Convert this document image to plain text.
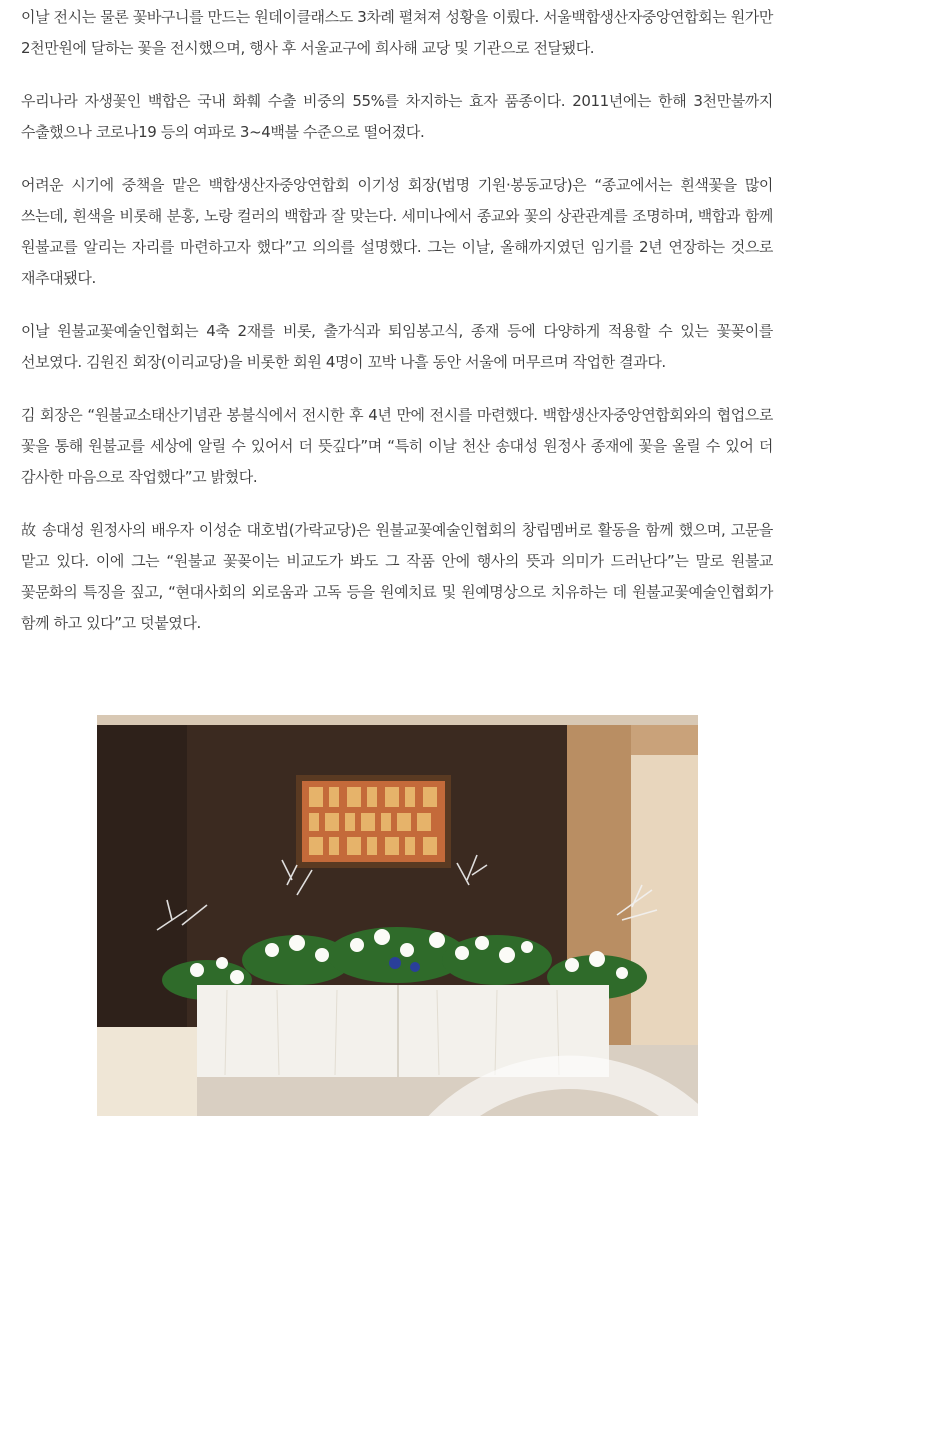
이날 전시는 물론 꽃바구니를 만드는 원데이클래스도 3차례 펼쳐져 성황을 이뤘다. 서울백합생산자중앙연합회는 원가만 2천만원에 달하는 꽃을 전시했으며, 행사 후 서울교구에 희사해 교당 및 기관으로 전달됐다.

우리나라 자생꽃인 백합은 국내 화훼 수출 비중의 55%를 차지하는 효자 품종이다. 2011년에는 한해 3천만불까지 수출했으나 코로나19 등의 여파로 3~4백불 수준으로 떨어졌다.

어려운 시기에 중책을 맡은 백합생산자중앙연합회 이기성 회장(법명 기원·봉동교당)은 “종교에서는 흰색꽃을 많이 쓰는데, 흰색을 비롯해 분홍, 노랑 컬러의 백합과 잘 맞는다. 세미나에서 종교와 꽃의 상관관계를 조명하며, 백합과 함께 원불교를 알리는 자리를 마련하고자 했다”고 의의를 설명했다. 그는 이날, 올해까지였던 임기를 2년 연장하는 것으로 재추대됐다.

이날 원불교꽃예술인협회는 4축 2재를 비롯, 출가식과 퇴임봉고식, 종재 등에 다양하게 적용할 수 있는 꽃꽂이를 선보였다. 김원진 회장(이리교당)을 비롯한 회원 4명이 꼬박 나흘 동안 서울에 머무르며 작업한 결과다.

김 회장은 “원불교소태산기념관 봉불식에서 전시한 후 4년 만에 전시를 마련했다. 백합생산자중앙연합회와의 협업으로 꽃을 통해 원불교를 세상에 알릴 수 있어서 더 뜻깊다”며 “특히 이날 천산 송대성 원정사 종재에 꽃을 올릴 수 있어 더 감사한 마음으로 작업했다”고 밝혔다.

故 송대성 원정사의 배우자 이성순 대호법(가락교당)은 원불교꽃예술인협회의 창립멤버로 활동을 함께 했으며, 고문을 맡고 있다. 이에 그는 “원불교 꽃꽂이는 비교도가 봐도 그 작품 안에 행사의 뜻과 의미가 드러난다”는 말로 원불교 꽃문화의 특징을 짚고, “현대사회의 외로움과 고독 등을 원예치료 및 원예명상으로 치유하는 데 원불교꽃예술인협회가 함께 하고 있다”고 덧붙였다.

원불교신문
